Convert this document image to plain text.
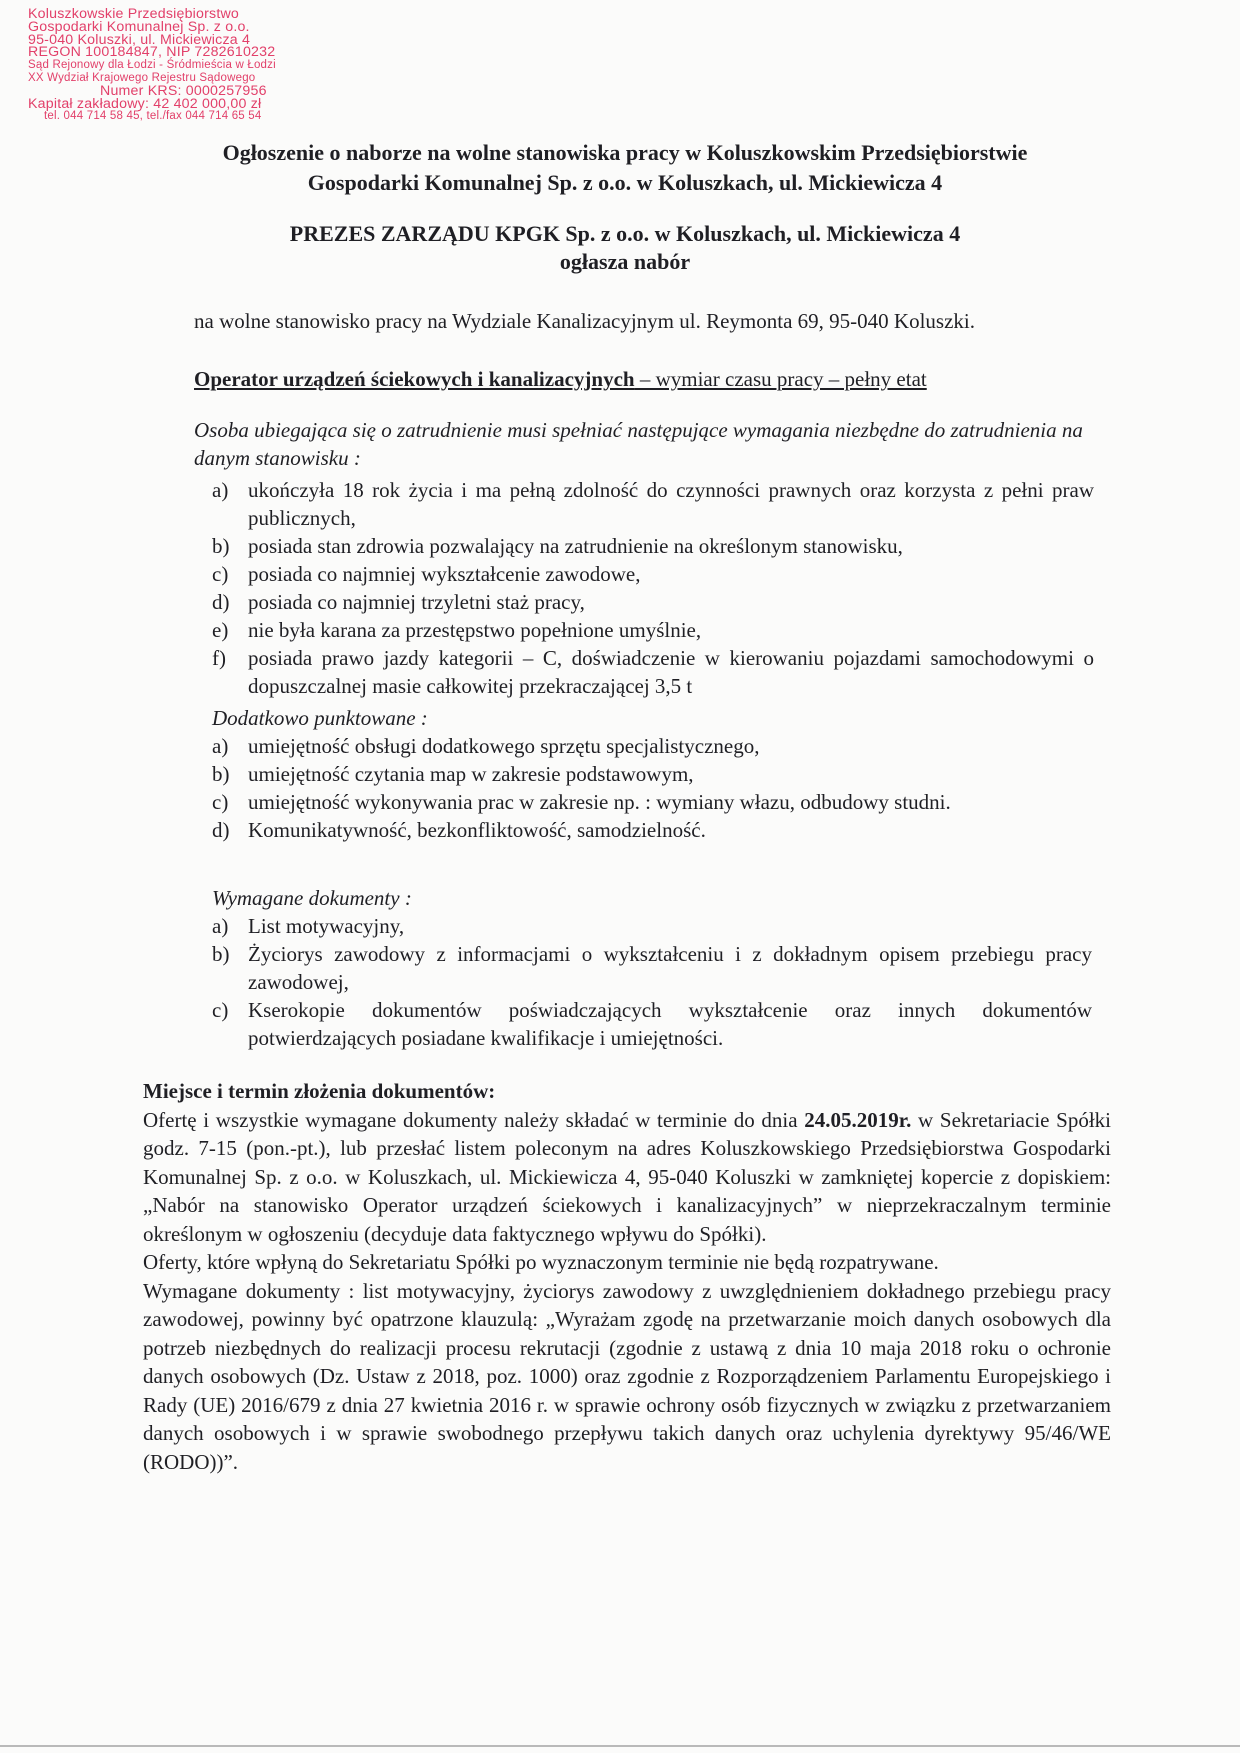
Koluszkowskie Przedsiębiorstwo
Gospodarki Komunalnej Sp. z o.o.
95-040 Koluszki, ul. Mickiewicza 4
REGON 100184847, NIP 7282610232
Sąd Rejonowy dla Łodzi - Śródmieścia w Łodzi
XX Wydział Krajowego Rejestru Sądowego
Numer KRS: 0000257956
Kapitał zakładowy: 42 402 000,00 zł
tel. 044 714 58 45, tel./fax 044 714 65 54
Ogłoszenie o naborze na wolne stanowiska pracy w Koluszkowskim Przedsiębiorstwie
Gospodarki Komunalnej Sp. z o.o. w Koluszkach, ul. Mickiewicza 4
PREZES ZARZĄDU KPGK Sp. z o.o. w Koluszkach, ul. Mickiewicza 4
ogłasza nabór
na wolne stanowisko pracy na Wydziale Kanalizacyjnym ul. Reymonta 69, 95-040 Koluszki.
Operator urządzeń ściekowych i kanalizacyjnych – wymiar czasu pracy – pełny etat
Osoba ubiegająca się o zatrudnienie musi spełniać następujące wymagania niezbędne do zatrudnienia na danym stanowisku :
a) ukończyła 18 rok życia i ma pełną zdolność do czynności prawnych oraz korzysta z pełni praw publicznych,
b) posiada stan zdrowia pozwalający na zatrudnienie na określonym stanowisku,
c) posiada co najmniej wykształcenie zawodowe,
d) posiada co najmniej trzyletni staż pracy,
e) nie była karana za przestępstwo popełnione umyślnie,
f)	posiada prawo jazdy kategorii – C, doświadczenie w kierowaniu pojazdami samochodowymi o dopuszczalnej masie całkowitej przekraczającej 3,5 t
Dodatkowo punktowane :
a) umiejętność obsługi dodatkowego sprzętu specjalistycznego,
b) umiejętność czytania map w zakresie podstawowym,
c) umiejętność wykonywania prac w zakresie np. : wymiany włazu, odbudowy studni.
d) Komunikatywność, bezkonfliktowość, samodzielność.
Wymagane dokumenty :
a) List motywacyjny,
b) Życiorys zawodowy z informacjami o wykształceniu i z dokładnym opisem przebiegu pracy zawodowej,
c) Kserokopie dokumentów poświadczających wykształcenie oraz innych dokumentów potwierdzających posiadane kwalifikacje i umiejętności.
Miejsce i termin złożenia dokumentów:
Ofertę i wszystkie wymagane dokumenty należy składać w terminie do dnia 24.05.2019r. w Sekretariacie Spółki godz. 7-15 (pon.-pt.), lub przesłać listem poleconym na adres Koluszkowskiego Przedsiębiorstwa Gospodarki Komunalnej Sp. z o.o. w Koluszkach, ul. Mickiewicza 4, 95-040 Koluszki w zamkniętej kopercie z dopiskiem: „Nabór na stanowisko Operator urządzeń ściekowych i kanalizacyjnych” w nieprzekraczalnym terminie określonym w ogłoszeniu (decyduje data faktycznego wpływu do Spółki).
Oferty, które wpłyną do Sekretariatu Spółki po wyznaczonym terminie nie będą rozpatrywane.
Wymagane dokumenty : list motywacyjny, życiorys zawodowy z uwzględnieniem dokładnego przebiegu pracy zawodowej, powinny być opatrzone klauzulą: „Wyrażam zgodę na przetwarzanie moich danych osobowych dla potrzeb niezbędnych do realizacji procesu rekrutacji (zgodnie z ustawą z dnia 10 maja 2018 roku o ochronie danych osobowych (Dz. Ustaw z 2018, poz. 1000) oraz zgodnie z Rozporządzeniem Parlamentu Europejskiego i Rady (UE) 2016/679 z dnia 27 kwietnia 2016 r. w sprawie ochrony osób fizycznych w związku z przetwarzaniem danych osobowych i w sprawie swobodnego przepływu takich danych oraz uchylenia dyrektywy 95/46/WE (RODO))”.
